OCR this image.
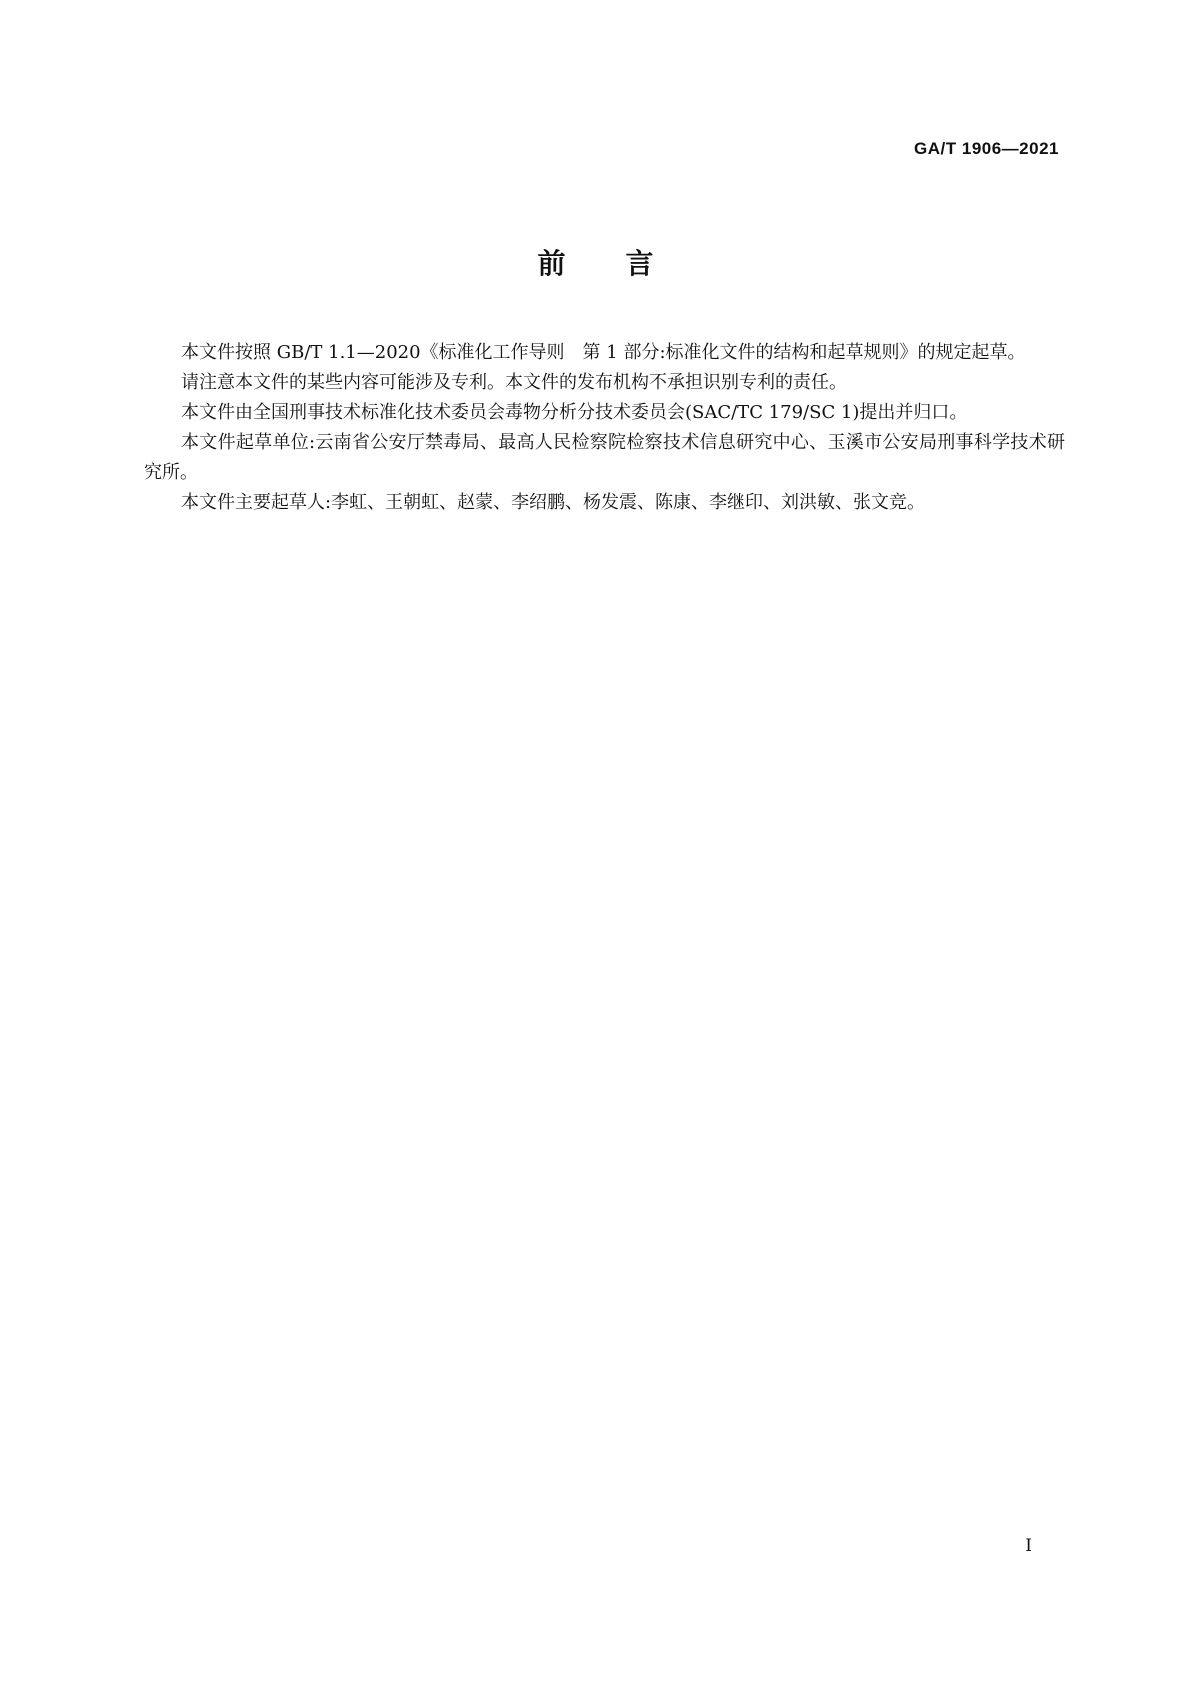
GA/T 1906—2021
前言

本文件按照 GB/T 1.1—2020《标准化工作导则　第 1 部分:标准化文件的结构和起草规则》的规定起草。

请注意本文件的某些内容可能涉及专利。本文件的发布机构不承担识别专利的责任。

本文件由全国刑事技术标准化技术委员会毒物分析分技术委员会(SAC/TC 179/SC 1)提出并归口。

本文件起草单位:云南省公安厅禁毒局、最高人民检察院检察技术信息研究中心、玉溪市公安局刑事科学技术研究所。

本文件主要起草人:李虹、王朝虹、赵蒙、李绍鹏、杨发震、陈康、李继印、刘洪敏、张文竞。

I
